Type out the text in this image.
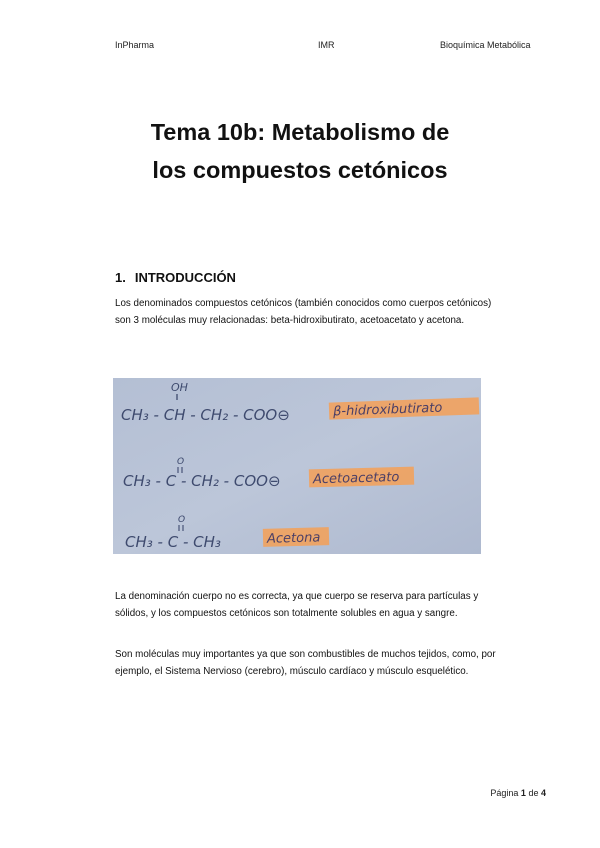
InPharma	IMR	Bioquímica Metabólica
Tema 10b: Metabolismo de
los compuestos cetónicos
1. INTRODUCCIÓN
Los denominados compuestos cetónicos (también conocidos como cuerpos cetónicos) son 3 moléculas muy relacionadas: beta-hidroxibutirato, acetoacetato y acetona.
OH
CH₃ - CH - CH₂ - COO⊖	β-hidroxibutirato
O
CH₃ - C - CH₂ - COO⊖ Acetoacetato
O
CH₃ - C - CH₃	Acetona
La denominación cuerpo no es correcta, ya que cuerpo se reserva para partículas y sólidos, y los compuestos cetónicos son totalmente solubles en agua y sangre.
Son moléculas muy importantes ya que son combustibles de muchos tejidos, como, por ejemplo, el Sistema Nervioso (cerebro), músculo cardíaco y músculo esquelético.
Página 1 de 4
